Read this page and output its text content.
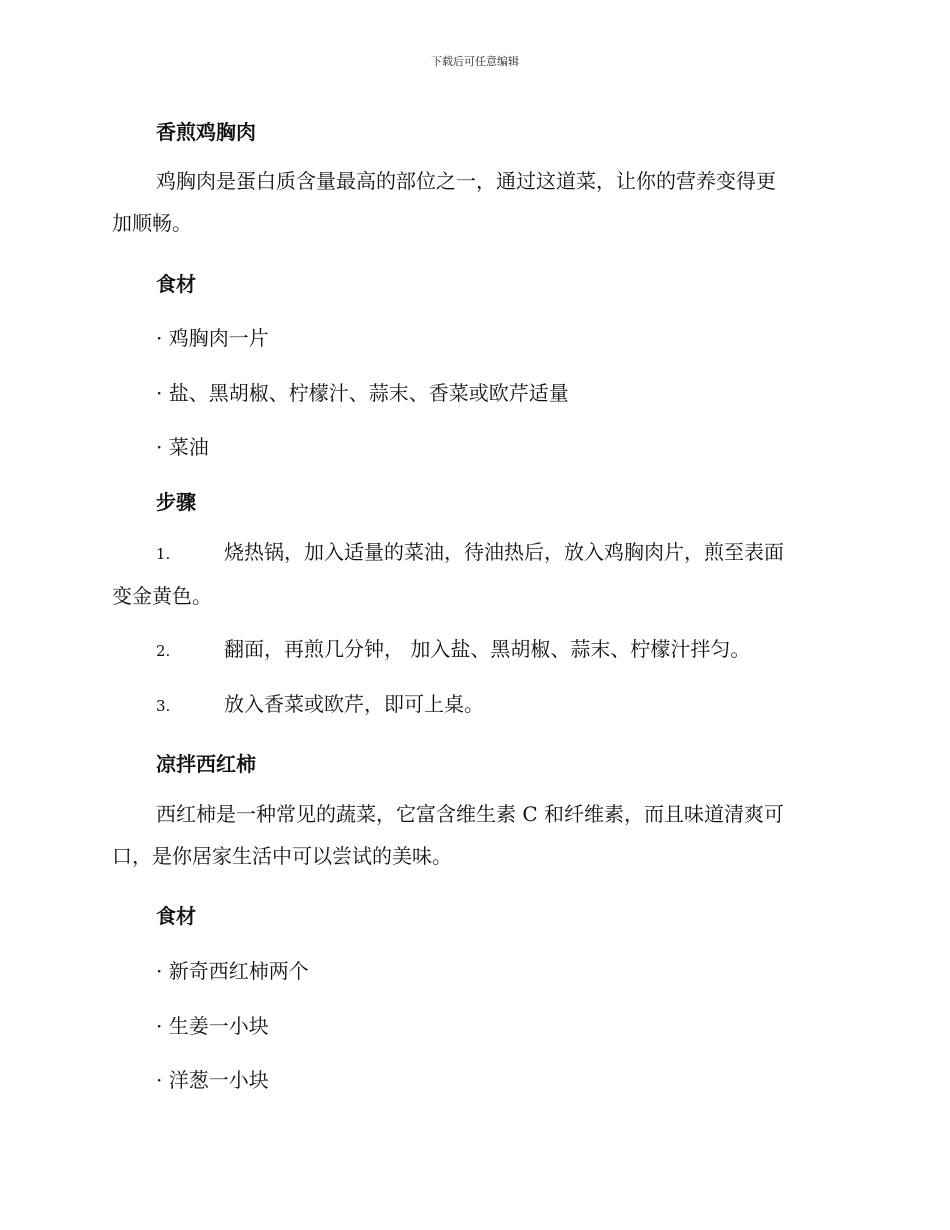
下载后可任意编辑
香煎鸡胸肉
鸡胸肉是蛋白质含量最高的部位之一，通过这道菜，让你的营养变得更
加顺畅。
食材
· 鸡胸肉一片
· 盐、黑胡椒、柠檬汁、蒜末、香菜或欧芹适量
· 菜油
步骤
1.	烧热锅，加入适量的菜油，待油热后，放入鸡胸肉片，煎至表面
变金黄色。
2.	翻面，再煎几分钟， 加入盐、黑胡椒、蒜末、柠檬汁拌匀。
3.	放入香菜或欧芹，即可上桌。
凉拌西红柿
西红柿是一种常见的蔬菜，它富含维生素 C 和纤维素，而且味道清爽可
口，是你居家生活中可以尝试的美味。
食材
· 新奇西红柿两个
· 生姜一小块
· 洋葱一小块
